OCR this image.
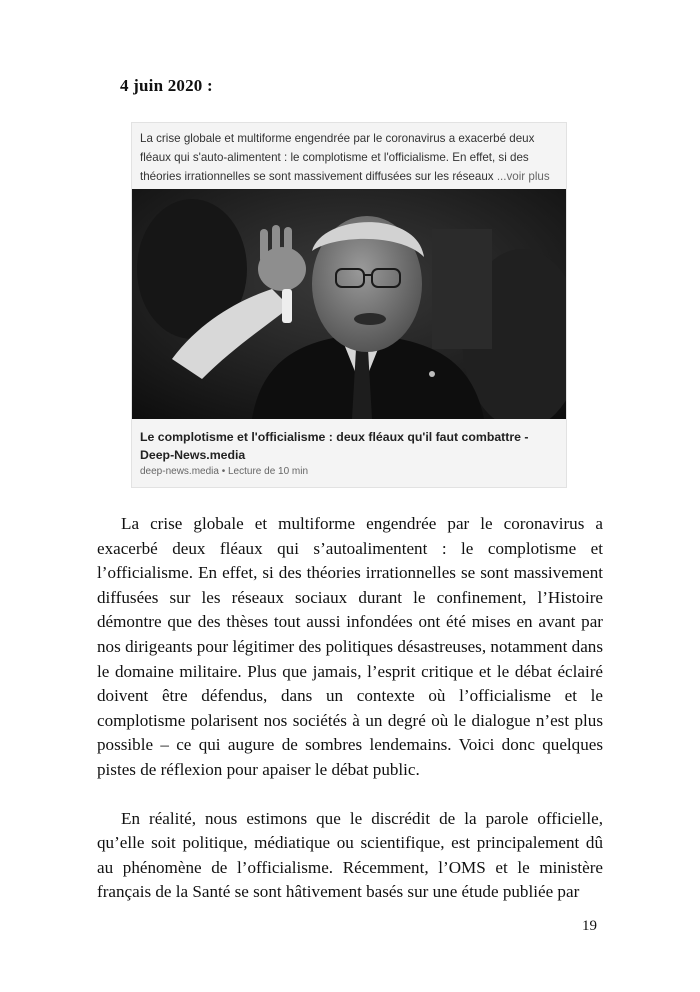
4 juin 2020 :
La crise globale et multiforme engendrée par le coronavirus a exacerbé deux
fléaux qui s'auto-alimentent : le complotisme et l'officialisme. En effet, si des
théories irrationnelles se sont massivement diffusées sur les réseaux ...voir plus
Le complotisme et l'officialisme : deux fléaux qu'il faut combattre - Deep-News.media
deep-news.media • Lecture de 10 min

La crise globale et multiforme engendrée par le coronavirus a exacerbé deux fléaux qui s’autoalimentent : le complotisme et l’officialisme. En effet, si des théories irrationnelles se sont massivement diffusées sur les réseaux sociaux durant le confinement, l’Histoire démontre que des thèses tout aussi infondées ont été mises en avant par nos dirigeants pour légitimer des politiques désastreuses, notamment dans le domaine militaire. Plus que jamais, l’esprit critique et le débat éclairé doivent être défendus, dans un contexte où l’officialisme et le complotisme polarisent nos sociétés à un degré où le dialogue n’est plus possible – ce qui augure de sombres lendemains. Voici donc quelques pistes de réflexion pour apaiser le débat public.

En réalité, nous estimons que le discrédit de la parole officielle, qu’elle soit politique, médiatique ou scientifique, est principalement dû au phénomène de l’officialisme. Récemment, l’OMS et le ministère français de la Santé se sont hâtivement basés sur une étude publiée par

19
